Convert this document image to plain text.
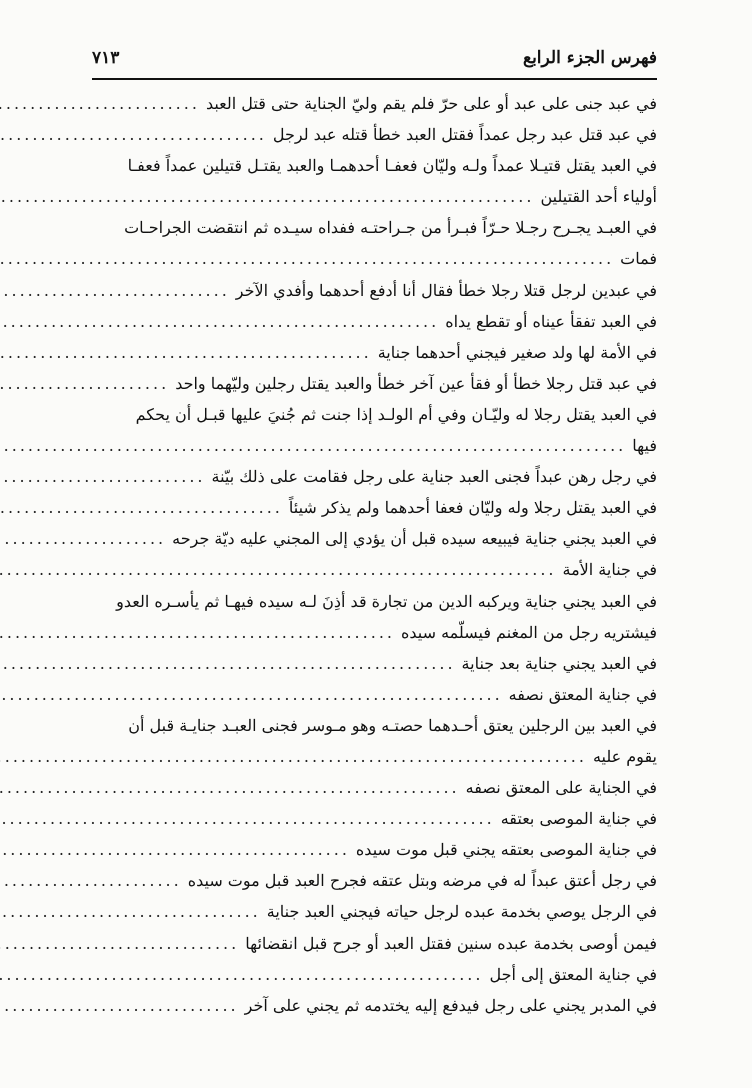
فهرس الجزء الرابع
٧١٣
في عبد جنى على عبد أو على حرّ فلم يقم وليّ الجناية حتى قتل العبد
.....
في عبد قتل عبد رجل عمداً فقتل العبد خطأ قتله عبد لرجل
.....
في العبد يقتل قتيـلا عمداً ولـه وليّان فعفـا أحدهمـا والعبد يقتـل قتيلين عمداً فعفـا
أولياء أحد القتيلين
.....
في العبـد يجـرح رجـلا حـرّاً فبـرأ من جـراحتـه ففداه سيـده ثم انتقضت الجراحـات
فمات
.....
في عبدين لرجل قتلا رجلا خطأ فقال أنا أدفع أحدهما وأفدي الآخر
.....
في العبد تفقأ عيناه أو تقطع يداه
.....
في الأمة لها ولد صغير فيجني أحدهما جناية
.....
في عبد قتل رجلا خطأ أو فقأ عين آخر خطأ والعبد يقتل رجلين وليّهما واحد
.....
في العبد يقتل رجلا له وليّـان وفي أم الولـد إذا جنت ثم جُنيَ عليها قبـل أن يحكم
فيها
.....
في رجل رهن عبداً فجنى العبد جناية على رجل فقامت على ذلك بيّنة
.....
في العبد يقتل رجلا وله وليّان فعفا أحدهما ولم يذكر شيئاً
.....
في العبد يجني جناية فيبيعه سيده قبل أن يؤدي إلى المجني عليه ديّة جرحه
.....
في جناية الأمة
.....
في العبد يجني جناية ويركبه الدين من تجارة قد أذِنَ لـه سيده فيهـا ثم يأسـره العدو
فيشتريه رجل من المغنم فيسلّمه سيده
.....
في العبد يجني جناية بعد جناية
.....
في جناية المعتق نصفه
.....
في العبد بين الرجلين يعتق أحـدهما حصتـه وهو مـوسر فجنى العبـد جنايـة قبل أن
يقوم عليه
.....
في الجناية على المعتق نصفه
.....
في جناية الموصى بعتقه
.....
في جناية الموصى بعتقه يجني قبل موت سيده
.....
في رجل أعتق عبداً له في مرضه وبتل عتقه فجرح العبد قبل موت سيده
.....
في الرجل يوصي بخدمة عبده لرجل حياته فيجني العبد جناية
.....
فيمن أوصى بخدمة عبده سنين فقتل العبد أو جرح قبل انقضائها
.....
في جناية المعتق إلى أجل
.....
في المدبر يجني على رجل فيدفع إليه يختدمه ثم يجني على آخر
.....
